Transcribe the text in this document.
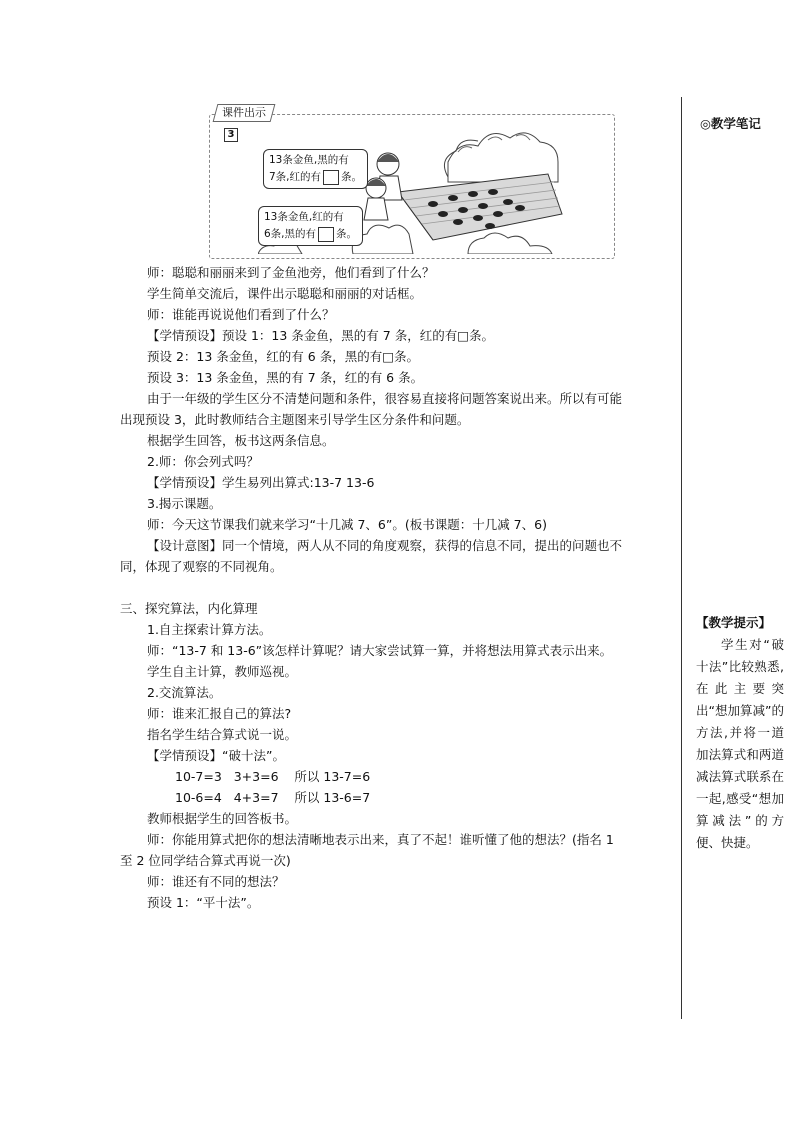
课件出示
3
13条金鱼,黑的有
7条,红的有 条。
13条金鱼,红的有
6条,黑的有 条。
师：聪聪和丽丽来到了金鱼池旁，他们看到了什么？
学生简单交流后，课件出示聪聪和丽丽的对话框。
师：谁能再说说他们看到了什么？
【学情预设】预设 1：13 条金鱼，黑的有 7 条，红的有□条。
预设 2：13 条金鱼，红的有 6 条，黑的有□条。
预设 3：13 条金鱼，黑的有 7 条，红的有 6 条。
由于一年级的学生区分不清楚问题和条件，很容易直接将问题答案说出来。所以有可能
出现预设 3，此时教师结合主题图来引导学生区分条件和问题。
根据学生回答，板书这两条信息。
2.师：你会列式吗？
【学情预设】学生易列出算式:13-7 13-6
3.揭示课题。
师：今天这节课我们就来学习“十几减 7、6”。(板书课题：十几减 7、6)
【设计意图】同一个情境，两人从不同的角度观察，获得的信息不同，提出的问题也不
同，体现了观察的不同视角。
三、探究算法，内化算理
1.自主探索计算方法。
师：“13-7 和 13-6”该怎样计算呢？请大家尝试算一算，并将想法用算式表示出来。
学生自主计算，教师巡视。
2.交流算法。
师：谁来汇报自己的算法?
指名学生结合算式说一说。
【学情预设】“破十法”。
10-7=3   3+3=6    所以 13-7=6
10-6=4   4+3=7    所以 13-6=7
教师根据学生的回答板书。
师：你能用算式把你的想法清晰地表示出来，真了不起！谁听懂了他的想法？(指名 1
至 2 位同学结合算式再说一次)
师：谁还有不同的想法？
预设 1：“平十法”。
◎教学笔记
【教学提示】
学生对“破十法”比较熟悉,在此主要突出“想加算减”的方法,并将一道加法算式和两道减法算式联系在一起,感受“想加算减法”的方便、快捷。
